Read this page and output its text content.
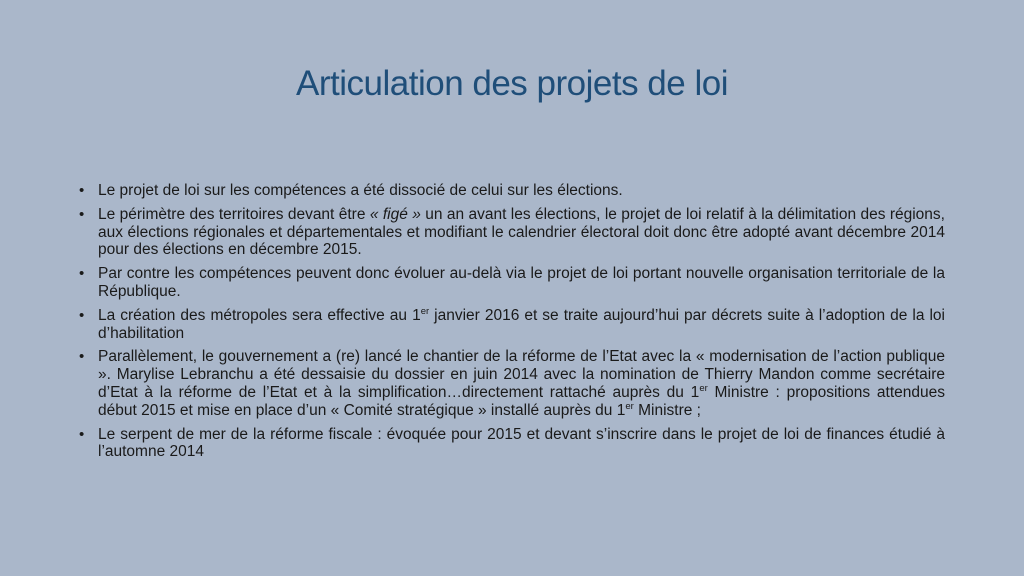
Articulation des projets de loi
•
Le projet de loi sur les compétences a été dissocié de celui sur les élections.
•
Le périmètre des territoires devant être « figé » un an avant les élections, le projet de loi relatif à la délimitation des régions, aux élections régionales et départementales et modifiant le calendrier électoral doit donc être adopté avant décembre 2014 pour des élections en décembre 2015.
•
Par contre les compétences peuvent donc évoluer au-delà via le projet de loi portant nouvelle organisation territoriale de la République.
•
La création des métropoles sera effective au 1er janvier 2016 et se traite aujourd’hui par décrets suite à l’adoption de la loi d’habilitation
•
Parallèlement, le gouvernement a (re) lancé le chantier de la réforme de l’Etat avec la « modernisation de l’action publique ». Marylise Lebranchu a été dessaisie du dossier en juin 2014 avec la nomination de Thierry Mandon comme secrétaire d’Etat à la réforme de l’Etat et à la simplification…directement rattaché auprès du 1er Ministre : propositions attendues début 2015 et mise en place d’un « Comité stratégique » installé auprès du 1er Ministre ;
•
Le serpent de mer de la réforme fiscale : évoquée pour 2015 et devant s’inscrire dans le projet de loi de finances étudié à l’automne 2014
